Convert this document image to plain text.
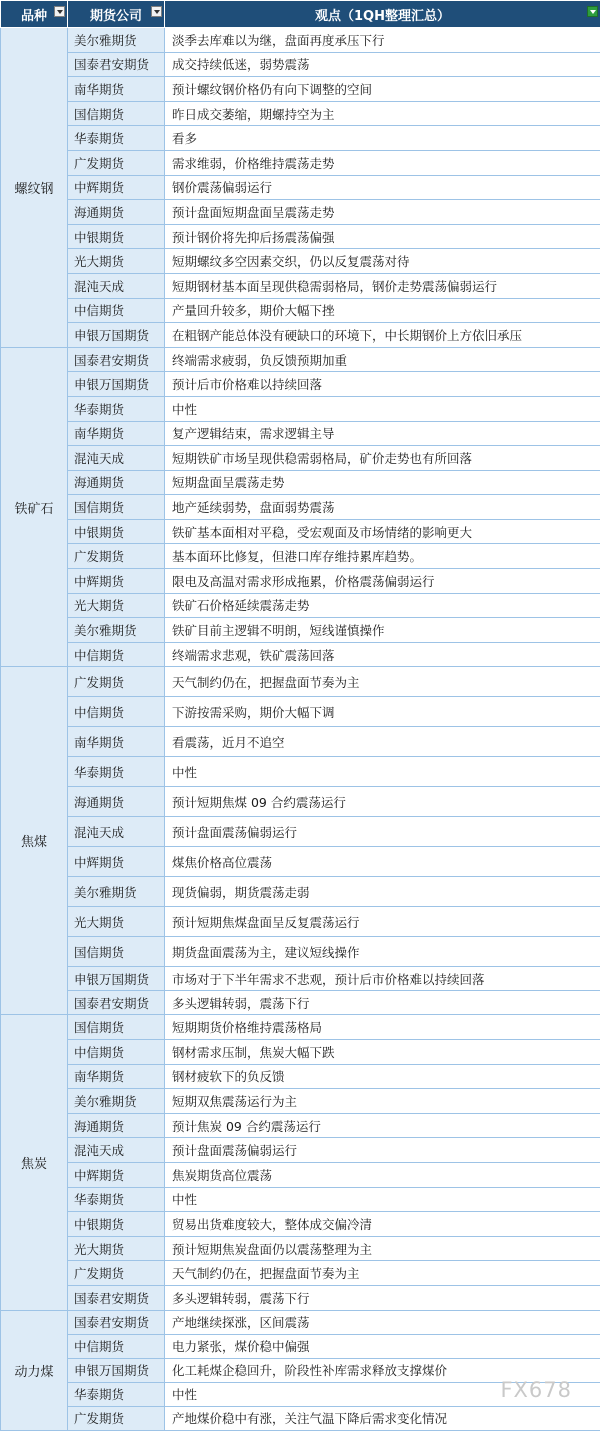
品种	期货公司	观点（1QH整理汇总）

螺纹钢	美尔雅期货	淡季去库难以为继，盘面再度承压下行
	国泰君安期货	成交持续低迷，弱势震荡
	南华期货	预计螺纹钢价格仍有向下调整的空间
	国信期货	昨日成交萎缩，期螺持空为主
	华泰期货	看多
	广发期货	需求维弱，价格维持震荡走势
	中辉期货	钢价震荡偏弱运行
	海通期货	预计盘面短期盘面呈震荡走势
	中银期货	预计钢价将先抑后扬震荡偏强
	光大期货	短期螺纹多空因素交织，仍以反复震荡对待
	混沌天成	短期钢材基本面呈现供稳需弱格局，钢价走势震荡偏弱运行
	中信期货	产量回升较多，期价大幅下挫
	申银万国期货	在粗钢产能总体没有硬缺口的环境下，中长期钢价上方依旧承压
铁矿石	国泰君安期货	终端需求疲弱，负反馈预期加重
	申银万国期货	预计后市价格难以持续回落
	华泰期货	中性
	南华期货	复产逻辑结束，需求逻辑主导
	混沌天成	短期铁矿市场呈现供稳需弱格局，矿价走势也有所回落
	海通期货	短期盘面呈震荡走势
	国信期货	地产延续弱势，盘面弱势震荡
	中银期货	铁矿基本面相对平稳，受宏观面及市场情绪的影响更大
	广发期货	基本面环比修复，但港口库存维持累库趋势。
	中辉期货	限电及高温对需求形成拖累，价格震荡偏弱运行
	光大期货	铁矿石价格延续震荡走势
	美尔雅期货	铁矿目前主逻辑不明朗，短线谨慎操作
	中信期货	终端需求悲观，铁矿震荡回落
焦煤	广发期货	天气制约仍在，把握盘面节奏为主
	中信期货	下游按需采购，期价大幅下调
	南华期货	看震荡，近月不追空
	华泰期货	中性
	海通期货	预计短期焦煤 09 合约震荡运行
	混沌天成	预计盘面震荡偏弱运行
	中辉期货	煤焦价格高位震荡
	美尔雅期货	现货偏弱，期货震荡走弱
	光大期货	预计短期焦煤盘面呈反复震荡运行
	国信期货	期货盘面震荡为主，建议短线操作
	申银万国期货	市场对于下半年需求不悲观，预计后市价格难以持续回落
	国泰君安期货	多头逻辑转弱，震荡下行
焦炭	国信期货	短期期货价格维持震荡格局
	中信期货	钢材需求压制，焦炭大幅下跌
	南华期货	钢材疲软下的负反馈
	美尔雅期货	短期双焦震荡运行为主
	海通期货	预计焦炭 09 合约震荡运行
	混沌天成	预计盘面震荡偏弱运行
	中辉期货	焦炭期货高位震荡
	华泰期货	中性
	中银期货	贸易出货难度较大，整体成交偏冷清
	光大期货	预计短期焦炭盘面仍以震荡整理为主
	广发期货	天气制约仍在，把握盘面节奏为主
	国泰君安期货	多头逻辑转弱，震荡下行
动力煤	国泰君安期货	产地继续探涨，区间震荡
	中信期货	电力紧张，煤价稳中偏强
	申银万国期货	化工耗煤企稳回升，阶段性补库需求释放支撑煤价
	华泰期货	中性
	广发期货	产地煤价稳中有涨，关注气温下降后需求变化情况
FX678
